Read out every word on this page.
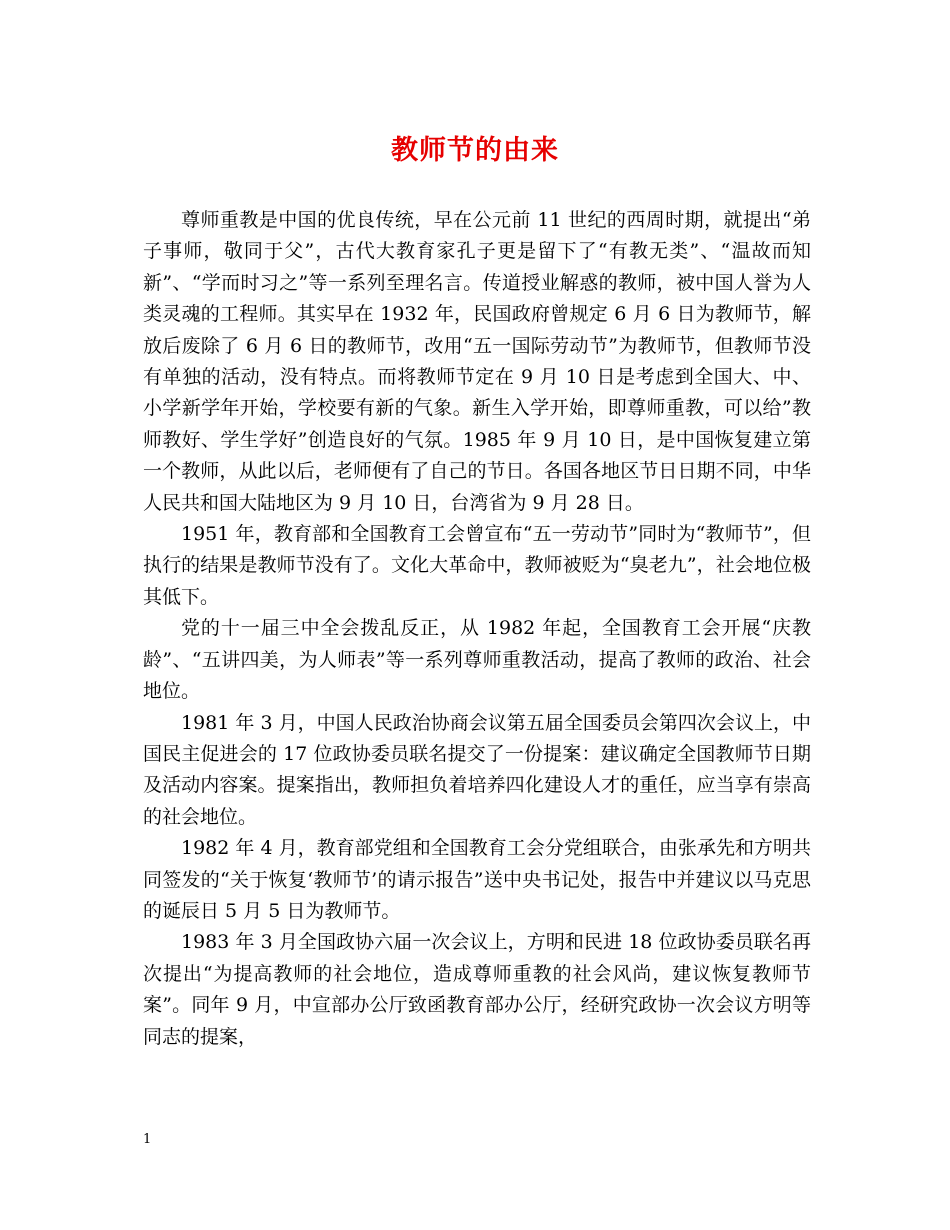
教师节的由来

尊师重教是中国的优良传统，早在公元前 11 世纪的西周时期，就提出“弟子事师，敬同于父”，古代大教育家孔子更是留下了“有教无类”、“温故而知新”、“学而时习之”等一系列至理名言。传道授业解惑的教师，被中国人誉为人类灵魂的工程师。其实早在 1932 年，民国政府曾规定 6 月 6 日为教师节，解放后废除了 6 月 6 日的教师节，改用“五一国际劳动节”为教师节，但教师节没有单独的活动，没有特点。而将教师节定在 9 月 10 日是考虑到全国大、中、小学新学年开始，学校要有新的气象。新生入学开始，即尊师重教，可以给”教师教好、学生学好”创造良好的气氛。1985 年 9 月 10 日，是中国恢复建立第一个教师，从此以后，老师便有了自己的节日。各国各地区节日日期不同，中华人民共和国大陆地区为 9 月 10 日，台湾省为 9 月 28 日。

1951 年，教育部和全国教育工会曾宣布“五一劳动节”同时为“教师节”，但执行的结果是教师节没有了。文化大革命中，教师被贬为“臭老九”，社会地位极其低下。

党的十一届三中全会拨乱反正，从 1982 年起，全国教育工会开展“庆教龄”、“五讲四美，为人师表”等一系列尊师重教活动，提高了教师的政治、社会地位。

1981 年 3 月，中国人民政治协商会议第五届全国委员会第四次会议上，中国民主促进会的 17 位政协委员联名提交了一份提案：建议确定全国教师节日期及活动内容案。提案指出，教师担负着培养四化建设人才的重任，应当享有崇高的社会地位。

1982 年 4 月，教育部党组和全国教育工会分党组联合，由张承先和方明共同签发的“关于恢复‘教师节’的请示报告”送中央书记处，报告中并建议以马克思的诞辰日 5 月 5 日为教师节。

1983 年 3 月全国政协六届一次会议上，方明和民进 18 位政协委员联名再次提出“为提高教师的社会地位，造成尊师重教的社会风尚，建议恢复教师节案”。同年 9 月，中宣部办公厅致函教育部办公厅，经研究政协一次会议方明等同志的提案，

1
